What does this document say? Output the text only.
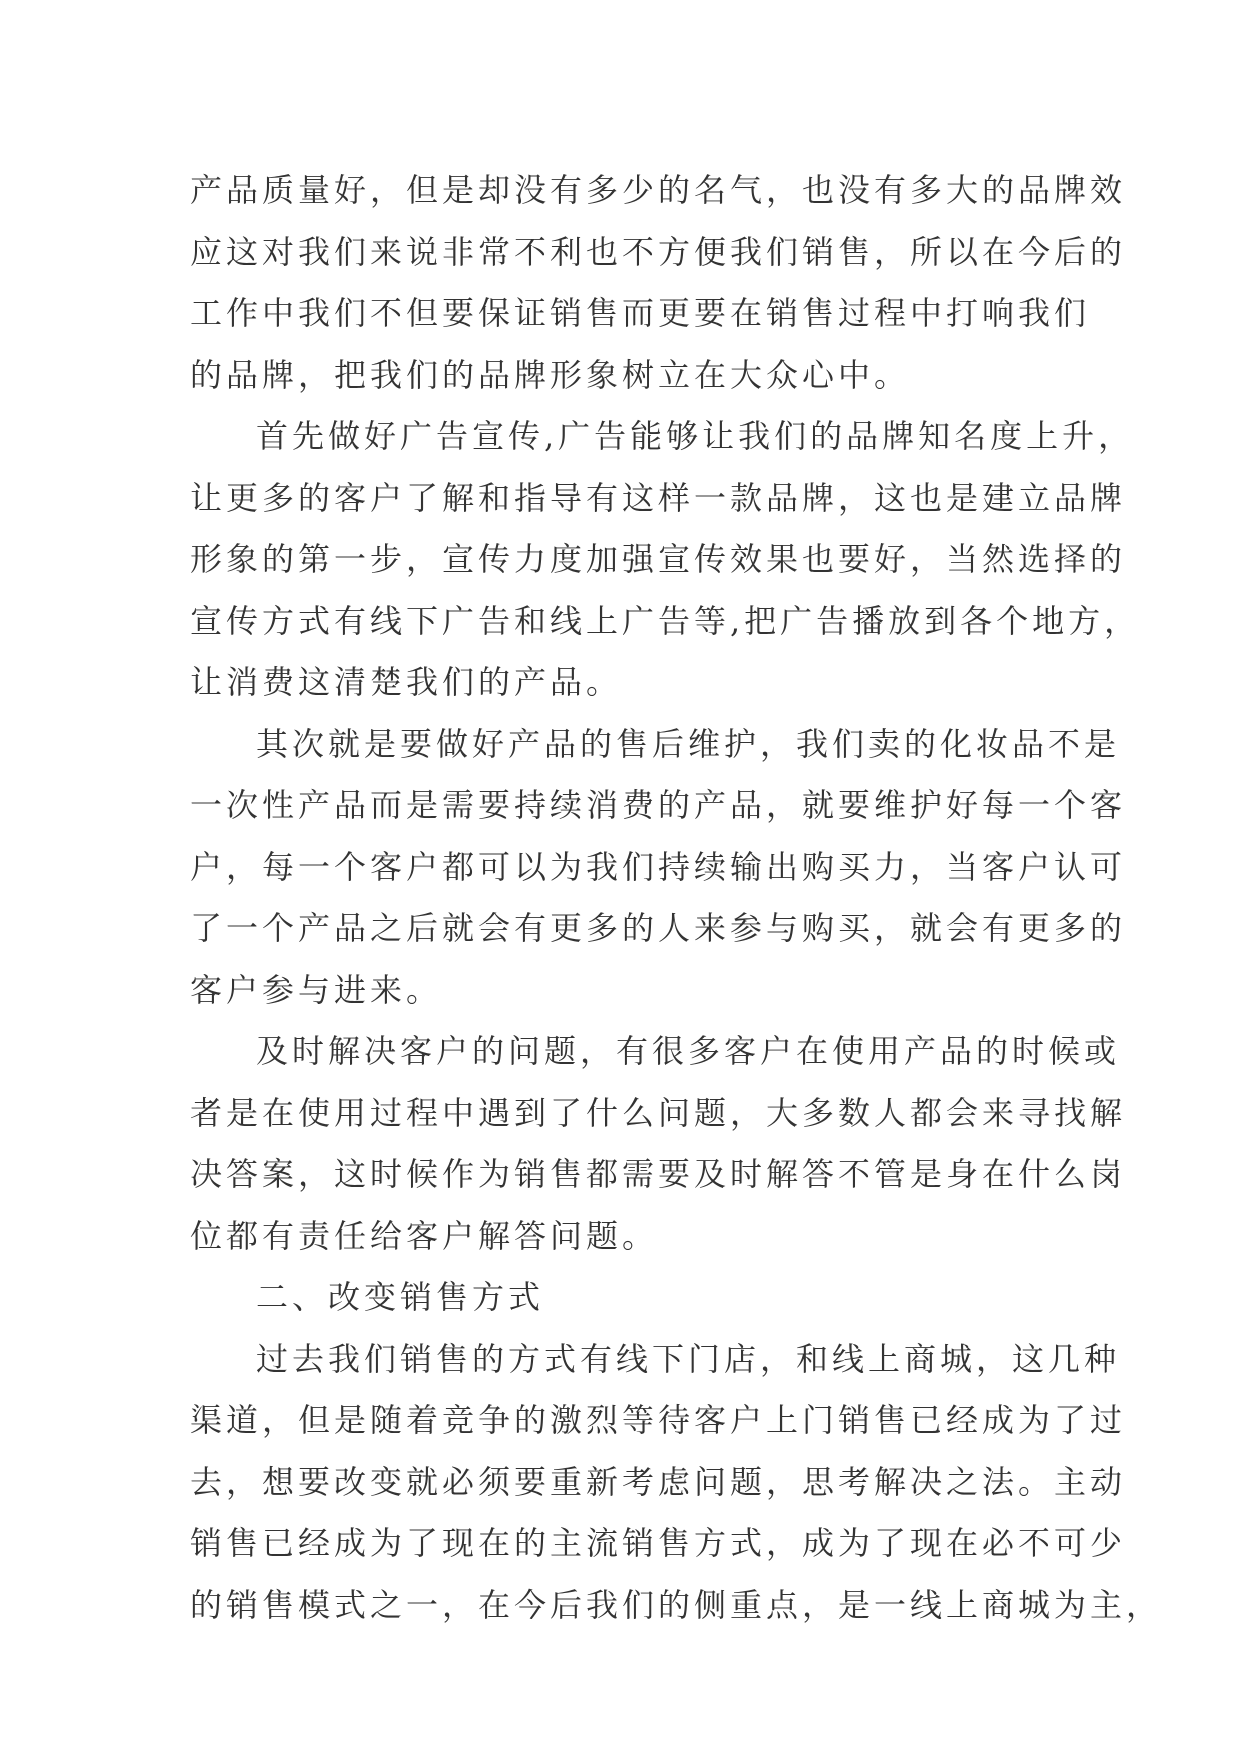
产品质量好，但是却没有多少的名气，也没有多大的品牌效
应这对我们来说非常不利也不方便我们销售，所以在今后的
工作中我们不但要保证销售而更要在销售过程中打响我们
的品牌，把我们的品牌形象树立在大众心中。
首先做好广告宣传,广告能够让我们的品牌知名度上升，
让更多的客户了解和指导有这样一款品牌，这也是建立品牌
形象的第一步，宣传力度加强宣传效果也要好，当然选择的
宣传方式有线下广告和线上广告等,把广告播放到各个地方，
让消费这清楚我们的产品。
其次就是要做好产品的售后维护，我们卖的化妆品不是
一次性产品而是需要持续消费的产品，就要维护好每一个客
户，每一个客户都可以为我们持续输出购买力，当客户认可
了一个产品之后就会有更多的人来参与购买，就会有更多的
客户参与进来。
及时解决客户的问题，有很多客户在使用产品的时候或
者是在使用过程中遇到了什么问题，大多数人都会来寻找解
决答案，这时候作为销售都需要及时解答不管是身在什么岗
位都有责任给客户解答问题。
二、改变销售方式
过去我们销售的方式有线下门店，和线上商城，这几种
渠道，但是随着竞争的激烈等待客户上门销售已经成为了过
去，想要改变就必须要重新考虑问题，思考解决之法。主动
销售已经成为了现在的主流销售方式，成为了现在必不可少
的销售模式之一，在今后我们的侧重点，是一线上商城为主，
